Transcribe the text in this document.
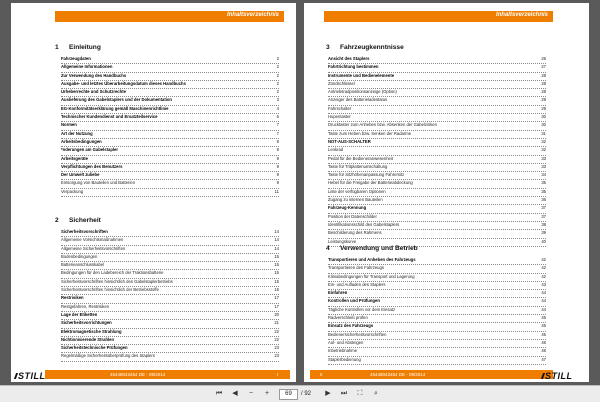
Inhaltsverzeichnis
1 Einleitung
Fahrzeugdaten	2
Allgemeine Informationen	2
Zur Verwendung des Handbuchs	2
Ausgabe- und letztes Überarbeitungsdatum dieses Handbuchs	2
Urheberrechte und Schutzrechte	2
Auslieferung des Gabelstaplers und der Dokumentation	3
EG-Konformitätserklärung gemäß Maschinenrichtlinie	4
Technischer Kundendienst und Ersatzteilservice	5
Normen	7
Art der Nutzung	7
Arbeitsbedingungen	8
*nderungen am Gabelstapler	8
Arbeitsgeräte	9
Verpflichtungen des Benutzers	9
Der Umwelt zuliebe	9
Entsorgung von Bauteilen und Batterien	9
Verpackung	11
2 Sicherheit
Sicherheitsvorschriften	14
Allgemeine Vorsichtsmaßnahmen	14
Allgemeine Sicherheitsvorschriften	14
Bodenbedingungen	15
Batterieanschlusskabel	15
Bedingungen für den Ladebereich der Traktionsbatterie	15
Sicherheitsvorschriften hinsichtlich des Gabelstaplerbetriebs	15
Sicherheitsvorschriften hinsichtlich der Betriebsstoffe	16
Restrisiken	17
Restgefahren, Restrisiken	17
Lage der Etiketten	20
Sicherheitsvorrichtungen	21
Elektromagnetische Strahlung	22
Nichtionisierende Strahlen	22
Sicherheitstechnische Prüfungen	23
Regelmäßige Sicherheitsüberprüfung des Staplers	23
45448043454 DE - 09/2014	I
STILL
Inhaltsverzeichnis
3 Fahrzeugkenntnisse
Ansicht des Staplers	26
Fahrtrichtung bestimmen	27
Instrumente und Bedienelemente	28
Zündschlüssel	28
Antriebsradpositionsanzeige (Option)	28
Anzeiger des Batterieladestatus	29
Fahrschalter	29
Hupentaster	30
Drucktaster zum Anheben bzw. Absenken der Gabelzinken	30
Taste zum Heben bzw. Senken der Radarme	31
NOT-AUS-SCHALTER	32
Lenkrad	32
Pedal für die Bedieneranwesenheit	33
Taste für Tritplattenumschaltung	33
Taste für Sitzhöhenanpassung Fahrersitz	34
Hebel für die Freigabe der Batterieabdeckung	35
Liste der verfügbaren Optionen	35
Zugang zu internen Bauteilen	36
Fahrzeug-Kennung	37
Position der Datenschilder	37
Identifikationsschild des Gabelstaplers	38
Beschilderung des Rahmens	39
Leistungskurve	40
4 Verwendung und Betrieb
Transportieren und Anheben des Fahrzeugs	42
Transportieren des Fahrzeugs	42
Klimabedingungen für Transport und Lagerung	42
Ein- und Aufladen des Staplers	43
Einfahren	44
Kontrollen und Prüfungen	44
Tägliche Kontrollen vor dem Einsatz	44
Radverschleiß prüfen	45
Einsatz des Fahrzeugs	45
Bedienersicherheitsvorschriften	45
Auf- und Absteigen	46
Inbetriebnahme	46
Staplerbedienung	47
II	45448043454 DE - 09/2014	STILL
⏮	◀	−	+	69	/ 92	▶	⏭	⛶	⌕
